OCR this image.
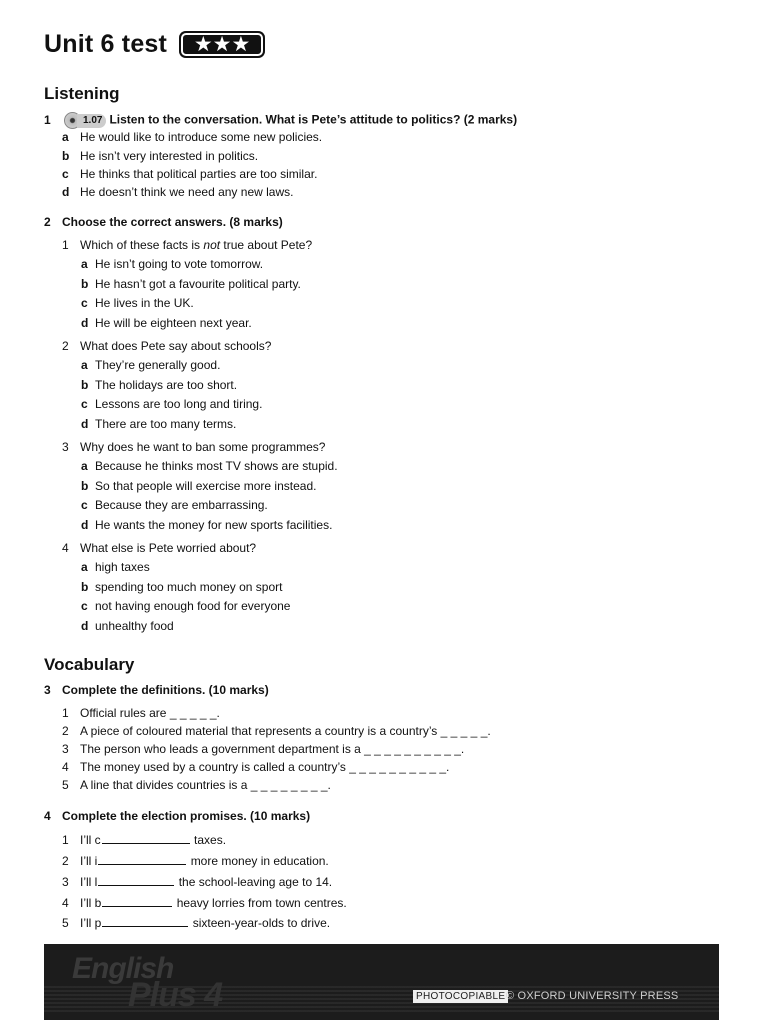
Unit 6 test ★★★
Listening
1	1.07 Listen to the conversation. What is Pete’s attitude to politics? (2 marks)
a He would like to introduce some new policies.
b He isn’t very interested in politics.
c He thinks that political parties are too similar.
d He doesn’t think we need any new laws.
2 Choose the correct answers. (8 marks)
1 Which of these facts is not true about Pete?
a He isn’t going to vote tomorrow.
b He hasn’t got a favourite political party.
c He lives in the UK.
d He will be eighteen next year.
2 What does Pete say about schools?
a They’re generally good.
b The holidays are too short.
c Lessons are too long and tiring.
d There are too many terms.
3 Why does he want to ban some programmes?
a Because he thinks most TV shows are stupid.
b So that people will exercise more instead.
c Because they are embarrassing.
d He wants the money for new sports facilities.
4 What else is Pete worried about?
a high taxes
b spending too much money on sport
c not having enough food for everyone
d unhealthy food
Vocabulary
3 Complete the definitions. (10 marks)
1 Official rules are _ _ _ _ _.
2 A piece of coloured material that represents a country is a country’s _ _ _ _ _.
3 The person who leads a government department is a _ _ _ _ _ _ _ _ _ _.
4 The money used by a country is called a country’s _ _ _ _ _ _ _ _ _ _.
5 A line that divides countries is a _ _ _ _ _ _ _ _.
4 Complete the election promises. (10 marks)
1 I’ll c	taxes.
2 I’ll i	more money in education.
3 I’ll l	the school-leaving age to 14.
4 I’ll b	heavy lorries from town centres.
5 I’ll p	sixteen-year-olds to drive.
English
Plus 4	PHOTOCOPIABLE © OXFORD UNIVERSITY PRESS
